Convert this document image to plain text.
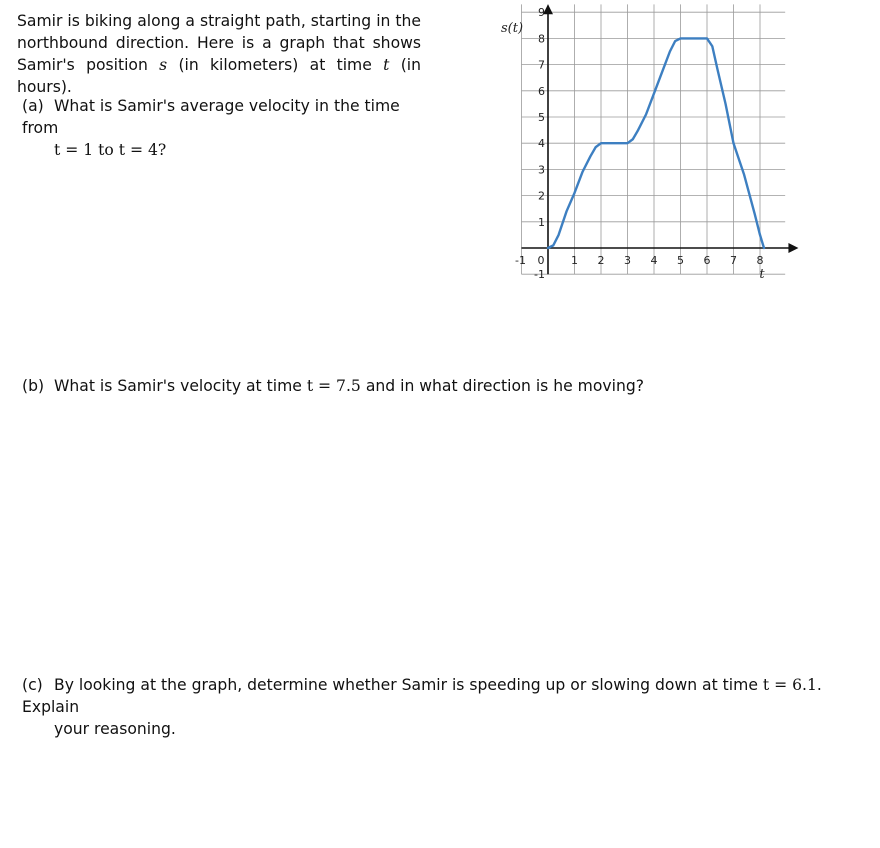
Samir is biking along a straight path, starting in the northbound direction. Here is a graph that shows Samir's position s (in kilometers) at time t (in hours).
(a) What is Samir's average velocity in the time from
t = 1 to t = 4?
(b) What is Samir's velocity at time t = 7.5 and in what direction is he moving?
(c) By looking at the graph, determine whether Samir is speeding up or slowing down at time t = 6.1. Explain
your reasoning.
-1 0 1 2 3 4 5 6 7 8
-1
1
2
3
4
5
6
7
8
9
s(t)
t
